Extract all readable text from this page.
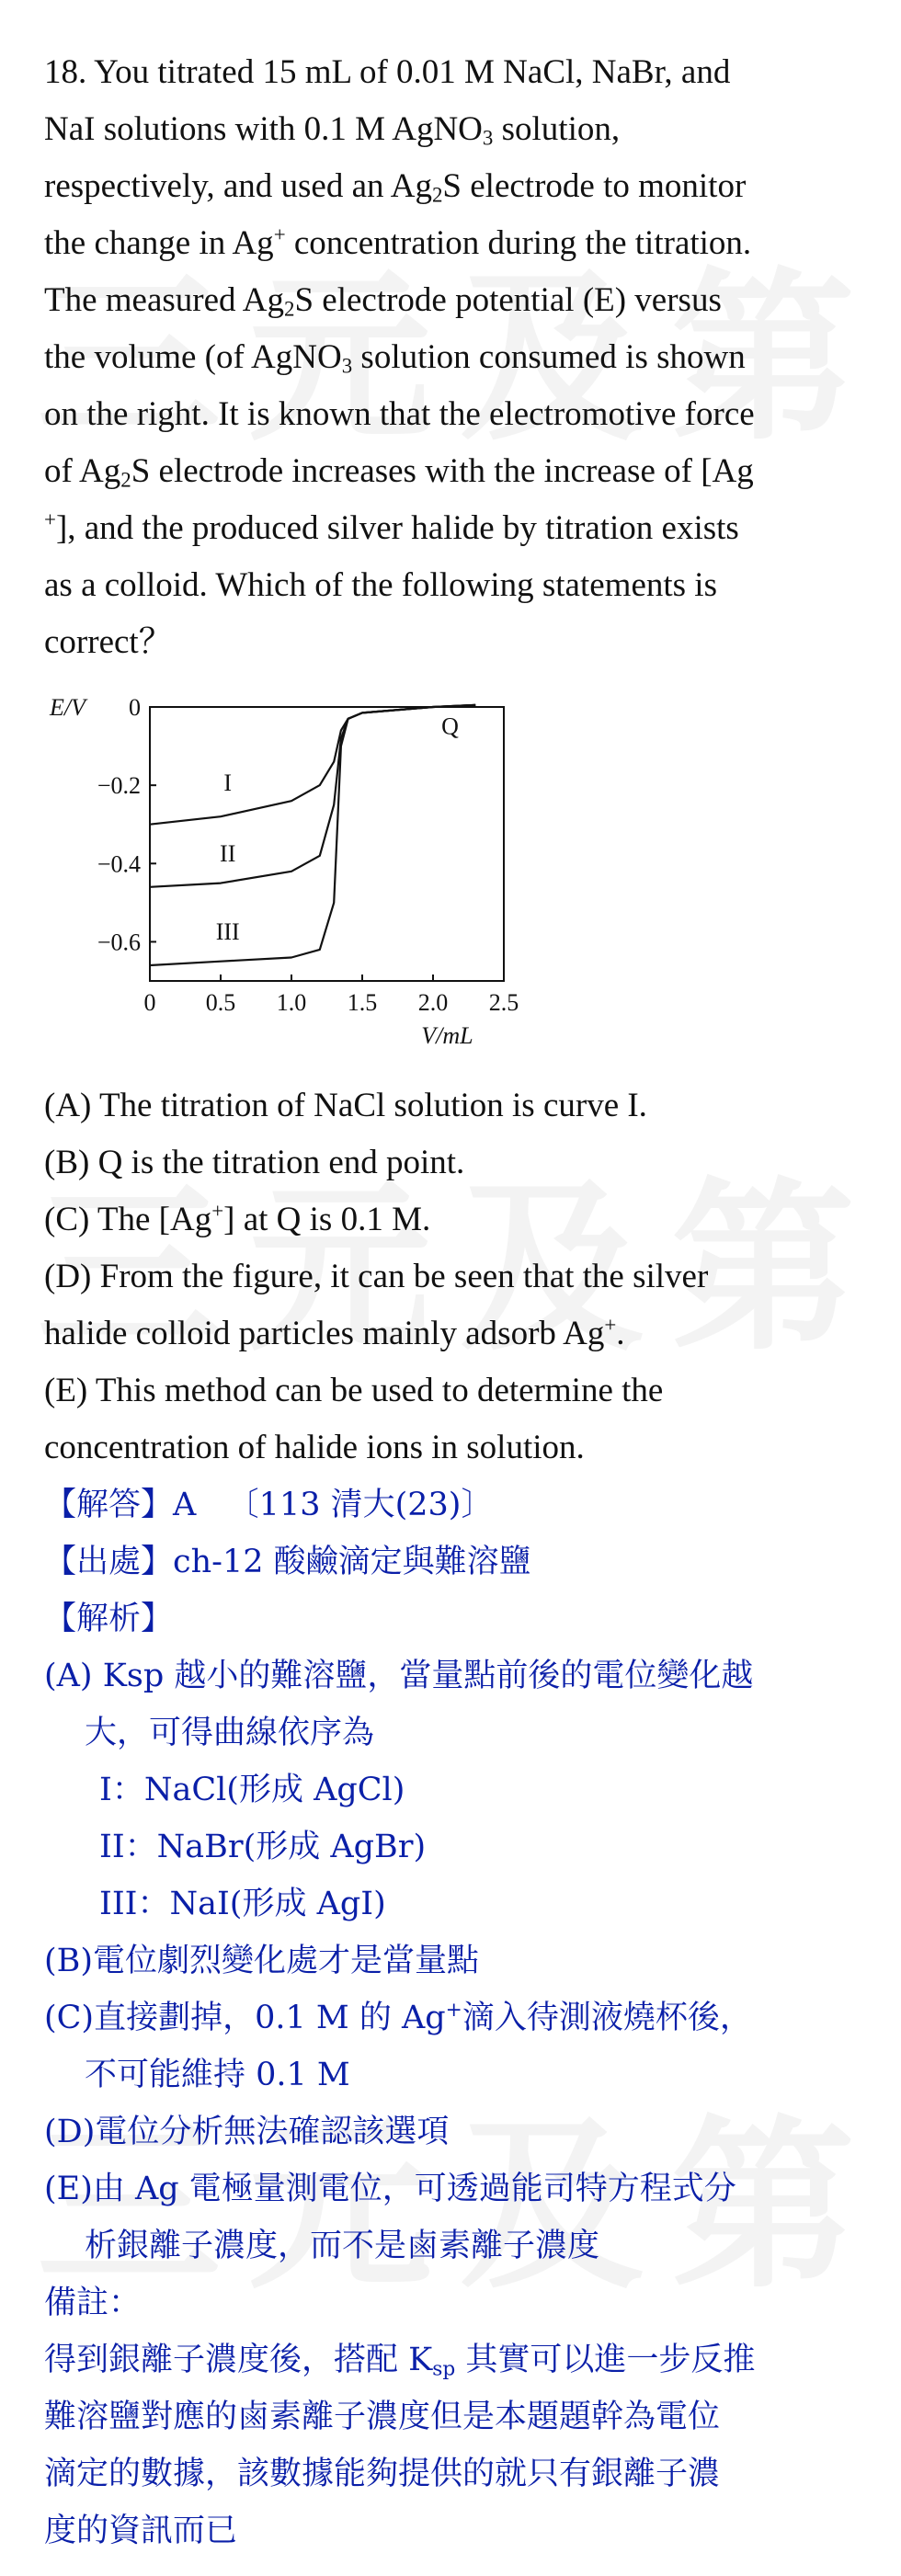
18. You titrated 15 mL of 0.01 M NaCl, NaBr, and

NaI solutions with 0.1 M AgNO$_3$ solution,

respectively, and used an $Ag_2S$ electrode to monitor

the change in Ag+ concentration during the titration.

The measured $Ag_2S$ electrode potential (E) versus

the volume (of AgNO$_3$ solution consumed is shown

on the right. It is known that the electromotive force

of $Ag_2S$ electrode increases with the increase of [Ag

+], and the produced silver halide by titration exists

as a colloid. Which of the following statements is

correct？

0 0.5 1.0 1.5 2.0 2.5
0
−0.2
−0.4
−0.6
E/V
V/mL
I
II
III
Q
(A) The titration of NaCl solution is curve I.
(B) Q is the titration end point.
(C) The [Ag+] at Q is 0.1 M.
(D) From the figure, it can be seen that the silver
halide colloid particles mainly adsorb Ag+.
(E) This method can be used to determine the
concentration of halide ions in solution.
【解答】A 〔113 清大(23)〕
【出處】ch-12 酸鹼滴定與難溶鹽
【解析】
(A) Ksp 越小的難溶鹽，當量點前後的電位變化越
大，可得曲線依序為
I：NaCl(形成 AgCl)
II：NaBr(形成 AgBr)
III：NaI(形成 AgI)
(B)電位劇烈變化處才是當量點
(C)直接劃掉，0.1 M 的 Ag+滴入待測液燒杯後，
不可能維持 0.1 M
(D)電位分析無法確認該選項
(E)由 Ag 電極量測電位，可透過能司特方程式分
析銀離子濃度，而不是鹵素離子濃度
備註：
得到銀離子濃度後，搭配 $K_{sp}$ 其實可以進一步反推
難溶鹽對應的鹵素離子濃度但是本題題幹為電位
滴定的數據，該數據能夠提供的就只有銀離子濃
度的資訊而已
